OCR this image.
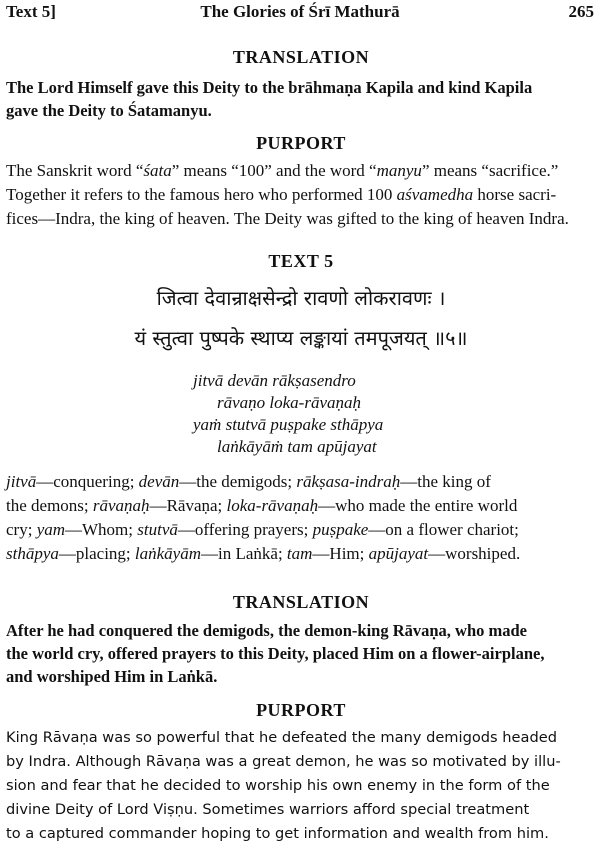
Text 5]	The Glories of Śrī Mathurā	265
TRANSLATION
The Lord Himself gave this Deity to the brāhmaṇa Kapila and kind Kapila
gave the Deity to Śatamanyu.
PURPORT
The Sanskrit word “śata” means “100” and the word “manyu” means “sacrifice.”
Together it refers to the famous hero who performed 100 aśvamedha horse sacri-
fices—Indra, the king of heaven. The Deity was gifted to the king of heaven Indra.
TEXT 5
जित्वा देवान्राक्षसेन्द्रो रावणो लोकरावणः ।
यं स्तुत्वा पुष्पके स्थाप्य लङ्कायां तमपूजयत् ॥५॥
jitvā devān rākṣasendro
rāvaṇo loka-rāvaṇaḥ
yaṁ stutvā puṣpake sthāpya
laṅkāyāṁ tam apūjayat
jitvā—conquering; devān—the demigods; rākṣasa-indraḥ—the king of
the demons; rāvaṇaḥ—Rāvaṇa; loka-rāvaṇaḥ—who made the entire world
cry; yam—Whom; stutvā—offering prayers; puṣpake—on a flower chariot;
sthāpya—placing; laṅkāyām—in Laṅkā; tam—Him; apūjayat—worshiped.
TRANSLATION
After he had conquered the demigods, the demon-king Rāvaṇa, who made
the world cry, offered prayers to this Deity, placed Him on a flower-airplane,
and worshiped Him in Laṅkā.
PURPORT
King Rāvaṇa was so powerful that he defeated the many demigods headed
by Indra. Although Rāvaṇa was a great demon, he was so motivated by illu-
sion and fear that he decided to worship his own enemy in the form of the
divine Deity of Lord Viṣṇu. Sometimes warriors afford special treatment
to a captured commander hoping to get information and wealth from him.
